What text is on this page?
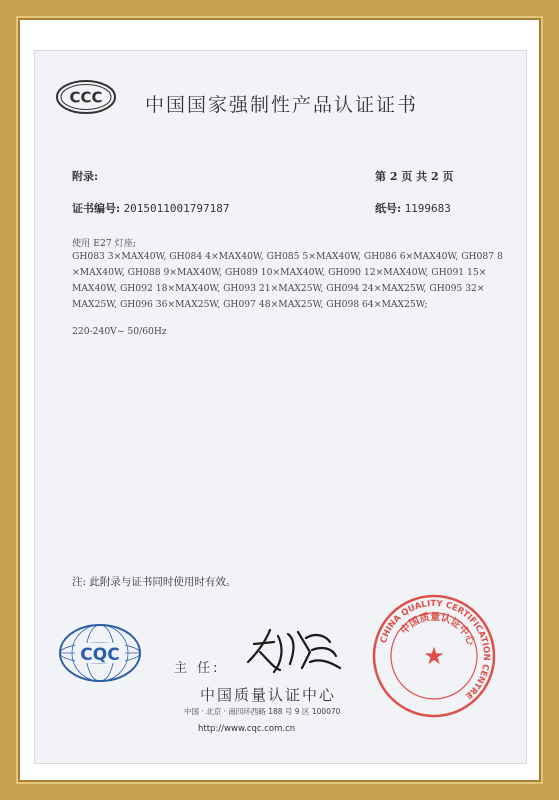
CCC 中国国家强制性产品认证证书
附录:	第 2 页 共 2 页
证书编号: 2015011001797187	纸号: 1199683
使用 E27 灯座;
GH083 3×MAX40W, GH084 4×MAX40W, GH085 5×MAX40W, GH086 6×MAX40W, GH087 8
×MAX40W, GH088 9×MAX40W, GH089 10×MAX40W, GH090 12×MAX40W, GH091 15×
MAX40W, GH092 18×MAX40W, GH093 21×MAX25W, GH094 24×MAX25W, GH095 32×
MAX25W, GH096 36×MAX25W, GH097 48×MAX25W, GH098 64×MAX25W;
220-240V~ 50/60Hz
注: 此附录与证书同时使用时有效。
CQC
主 任:
中国质量认证中心
中国 · 北京 · 南四环西路 188 号 9 区 100070
http://www.cqc.com.cn
CHINA QUALITY CERTIFICATION CENTRE
中国质量认证中心
★
